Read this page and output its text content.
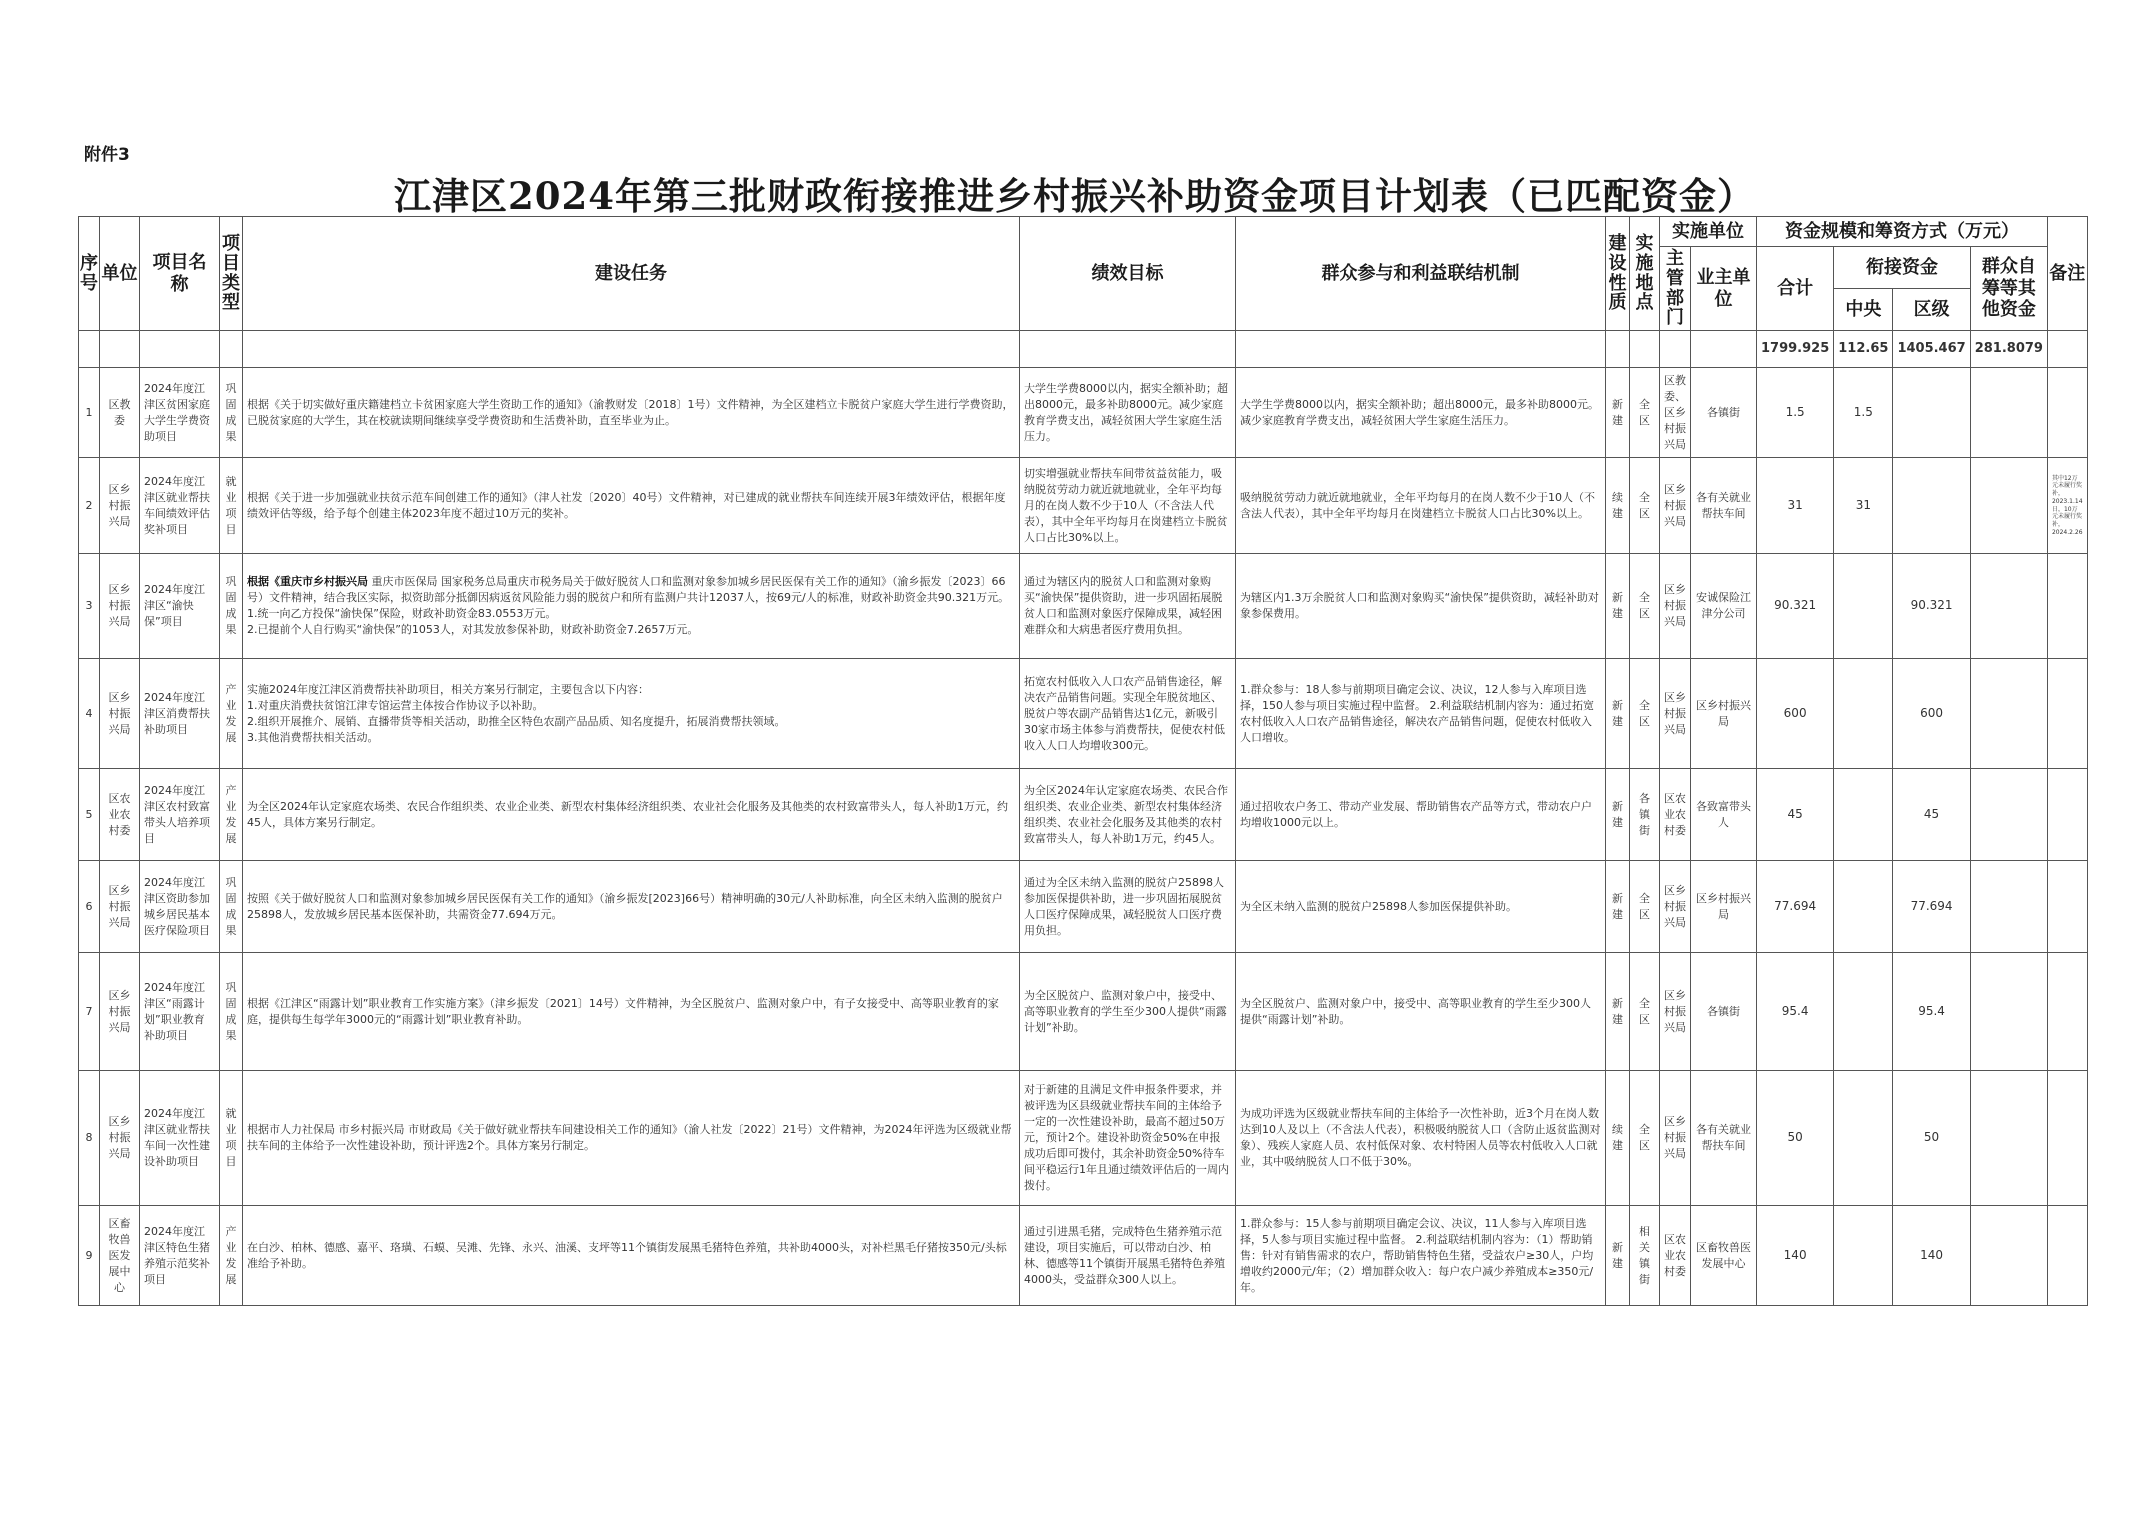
附件3
江津区2024年第三批财政衔接推进乡村振兴补助资金项目计划表（已匹配资金）
序号	单位	项目名称	项目类型	建设任务	绩效目标	群众参与和利益联结机制	建设性质	实施地点	实施单位		资金规模和筹资方式（万元）				备注
									主管部门	业主单位	合计	衔接资金		群众自筹等其他资金	
												中央	区级		
											1799.925	112.65	1405.467	281.8079	
1	区教委	2024年度江津区贫困家庭大学生学费资助项目	巩固成果	根据《关于切实做好重庆籍建档立卡贫困家庭大学生资助工作的通知》（渝教财发〔2018〕1号）文件精神，为全区建档立卡脱贫户家庭大学生进行学费资助，已脱贫家庭的大学生，其在校就读期间继续享受学费资助和生活费补助，直至毕业为止。	大学生学费8000以内，据实全额补助；超出8000元，最多补助8000元。减少家庭教育学费支出，减轻贫困大学生家庭生活压力。	大学生学费8000以内，据实全额补助；超出8000元，最多补助8000元。减少家庭教育学费支出，减轻贫困大学生家庭生活压力。	新建	全区	区教委、区乡村振兴局	各镇街	1.5	1.5			
2	区乡村振兴局	2024年度江津区就业帮扶车间绩效评估奖补项目	就业项目	根据《关于进一步加强就业扶贫示范车间创建工作的通知》（津人社发〔2020〕40号）文件精神，对已建成的就业帮扶车间连续开展3年绩效评估，根据年度绩效评估等级，给予每个创建主体2023年度不超过10万元的奖补。	切实增强就业帮扶车间带贫益贫能力，吸纳脱贫劳动力就近就地就业，全年平均每月的在岗人数不少于10人（不含法人代表），其中全年平均每月在岗建档立卡脱贫人口占比30%以上。	吸纳脱贫劳动力就近就地就业，全年平均每月的在岗人数不少于10人（不含法人代表），其中全年平均每月在岗建档立卡脱贫人口占比30%以上。	续建	全区	区乡村振兴局	各有关就业帮扶车间	31	31			其中12万元未履行奖补，2023.1.14日，10万元未履行奖补，2024.2.26
3	区乡村振兴局	2024年度江津区“渝快保”项目	巩固成果	根据《重庆市乡村振兴局 重庆市医保局 国家税务总局重庆市税务局关于做好脱贫人口和监测对象参加城乡居民医保有关工作的通知》（渝乡振发〔2023〕66号）文件精神，结合我区实际，拟资助部分抵御因病返贫风险能力弱的脱贫户和所有监测户共计12037人，按69元/人的标准，财政补助资金共90.321万元。
1.统一向乙方投保“渝快保”保险，财政补助资金83.0553万元。
2.已提前个人自行购买“渝快保”的1053人，对其发放参保补助，财政补助资金7.2657万元。	通过为辖区内的脱贫人口和监测对象购买“渝快保”提供资助，进一步巩固拓展脱贫人口和监测对象医疗保障成果，减轻困难群众和大病患者医疗费用负担。	为辖区内1.3万余脱贫人口和监测对象购买“渝快保”提供资助，减轻补助对象参保费用。	新建	全区	区乡村振兴局	安诚保险江津分公司	90.321		90.321		
4	区乡村振兴局	2024年度江津区消费帮扶补助项目	产业发展	实施2024年度江津区消费帮扶补助项目，相关方案另行制定，主要包含以下内容：
1.对重庆消费扶贫馆江津专馆运营主体按合作协议予以补助。
2.组织开展推介、展销、直播带货等相关活动，助推全区特色农副产品品质、知名度提升，拓展消费帮扶领域。
3.其他消费帮扶相关活动。	拓宽农村低收入人口农产品销售途径，解决农产品销售问题。实现全年脱贫地区、脱贫户等农副产品销售达1亿元，新吸引30家市场主体参与消费帮扶，促使农村低收入人口人均增收300元。	1.群众参与：18人参与前期项目确定会议、决议，12人参与入库项目选择，150人参与项目实施过程中监督。 2.利益联结机制内容为：通过拓宽农村低收入人口农产品销售途径，解决农产品销售问题，促使农村低收入人口增收。	新建	全区	区乡村振兴局	区乡村振兴局	600		600		
5	区农业农村委	2024年度江津区农村致富带头人培养项目	产业发展	为全区2024年认定家庭农场类、农民合作组织类、农业企业类、新型农村集体经济组织类、农业社会化服务及其他类的农村致富带头人，每人补助1万元，约45人，具体方案另行制定。	为全区2024年认定家庭农场类、农民合作组织类、农业企业类、新型农村集体经济组织类、农业社会化服务及其他类的农村致富带头人，每人补助1万元，约45人。	通过招收农户务工、带动产业发展、帮助销售农产品等方式，带动农户户均增收1000元以上。	新建	各镇街	区农业农村委	各致富带头人	45		45		
6	区乡村振兴局	2024年度江津区资助参加城乡居民基本医疗保险项目	巩固成果	按照《关于做好脱贫人口和监测对象参加城乡居民医保有关工作的通知》（渝乡振发[2023]66号）精神明确的30元/人补助标准，向全区未纳入监测的脱贫户25898人，发放城乡居民基本医保补助，共需资金77.694万元。	通过为全区未纳入监测的脱贫户25898人参加医保提供补助，进一步巩固拓展脱贫人口医疗保障成果，减轻脱贫人口医疗费用负担。	为全区未纳入监测的脱贫户25898人参加医保提供补助。	新建	全区	区乡村振兴局	区乡村振兴局	77.694		77.694		
7	区乡村振兴局	2024年度江津区“雨露计划”职业教育补助项目	巩固成果	根据《江津区“雨露计划”职业教育工作实施方案》（津乡振发〔2021〕14号）文件精神，为全区脱贫户、监测对象户中，有子女接受中、高等职业教育的家庭，提供每生每学年3000元的“雨露计划”职业教育补助。	为全区脱贫户、监测对象户中，接受中、高等职业教育的学生至少300人提供“雨露计划”补助。	为全区脱贫户、监测对象户中，接受中、高等职业教育的学生至少300人提供“雨露计划”补助。	新建	全区	区乡村振兴局	各镇街	95.4		95.4		
8	区乡村振兴局	2024年度江津区就业帮扶车间一次性建设补助项目	就业项目	根据市人力社保局 市乡村振兴局 市财政局《关于做好就业帮扶车间建设相关工作的通知》（渝人社发〔2022〕21号）文件精神，为2024年评选为区级就业帮扶车间的主体给予一次性建设补助，预计评选2个。具体方案另行制定。	对于新建的且满足文件申报条件要求，并被评选为区县级就业帮扶车间的主体给予一定的一次性建设补助，最高不超过50万元，预计2个。建设补助资金50%在申报成功后即可拨付，其余补助资金50%待车间平稳运行1年且通过绩效评估后的一周内拨付。	为成功评选为区级就业帮扶车间的主体给予一次性补助，近3个月在岗人数达到10人及以上（不含法人代表），积极吸纳脱贫人口（含防止返贫监测对象）、残疾人家庭人员、农村低保对象、农村特困人员等农村低收入人口就业，其中吸纳脱贫人口不低于30%。	续建	全区	区乡村振兴局	各有关就业帮扶车间	50		50		
9	区畜牧兽医发展中心	2024年度江津区特色生猪养殖示范奖补项目	产业发展	在白沙、柏林、德感、嘉平、珞璜、石蟆、吴滩、先锋、永兴、油溪、支坪等11个镇街发展黑毛猪特色养殖，共补助4000头，对补栏黑毛仔猪按350元/头标准给予补助。	通过引进黑毛猪，完成特色生猪养殖示范建设，项目实施后，可以带动白沙、柏林、德感等11个镇街开展黑毛猪特色养殖4000头，受益群众300人以上。	1.群众参与：15人参与前期项目确定会议、决议，11人参与入库项目选择，5人参与项目实施过程中监督。 2.利益联结机制内容为：（1）帮助销售：针对有销售需求的农户，帮助销售特色生猪，受益农户≥30人，户均增收约2000元/年；（2）增加群众收入：每户农户减少养殖成本≥350元/年。	新建	相关镇街	区农业农村委	区畜牧兽医发展中心	140		140		
